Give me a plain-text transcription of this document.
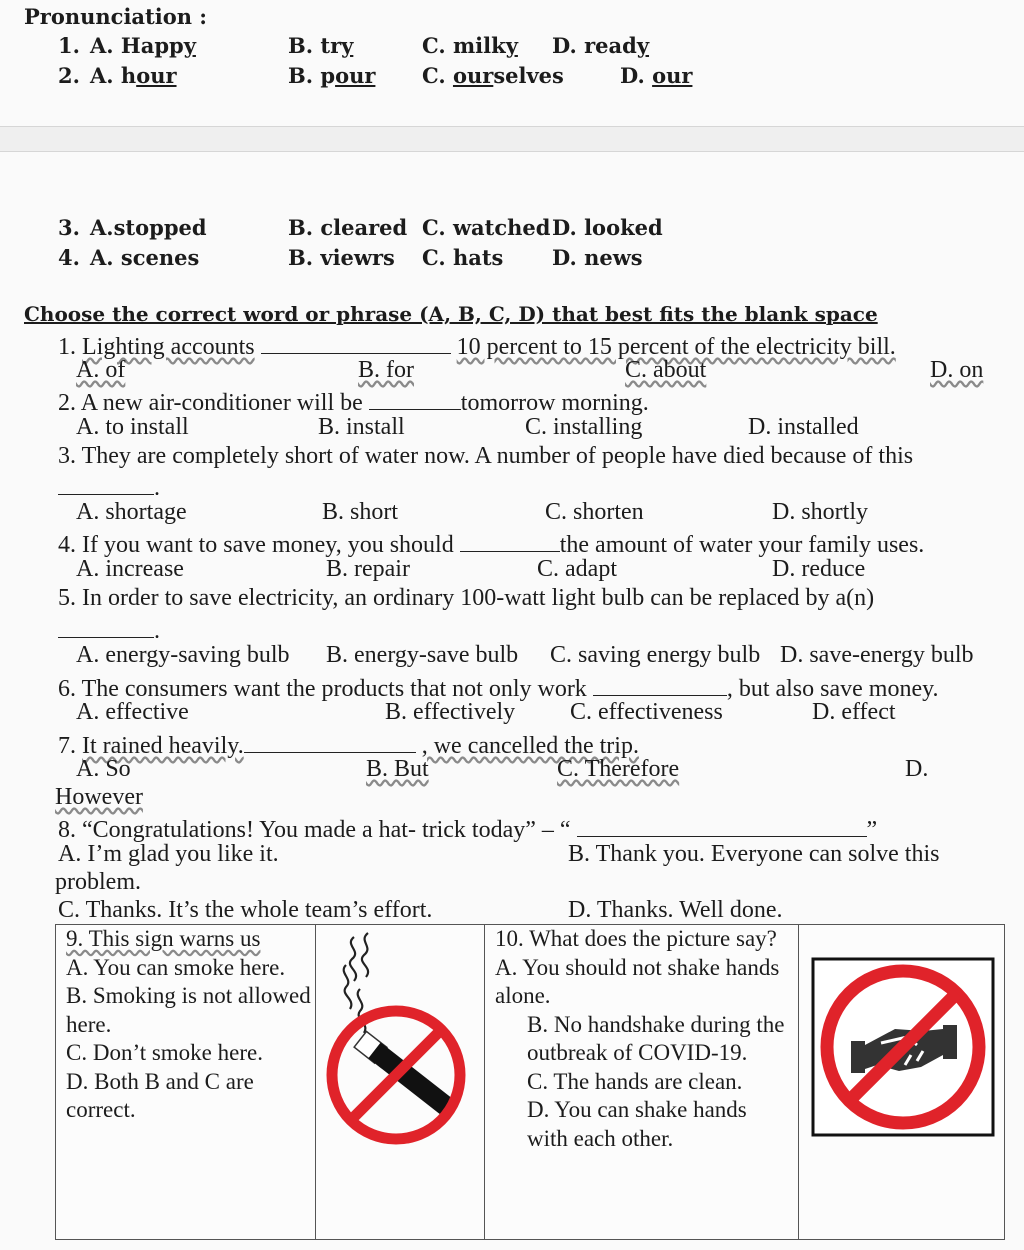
Pronunciation :
1. A. Happy	B. try	C. milky D. ready
2. A. hour	B. pour C. ourselves	D. our
3. A.stopped	B. cleared C. watched D. looked
4. A. scenes	B. viewrs C. hats D. news
Choose the correct word or phrase (A, B, C, D) that best fits the blank space
1. Lighting accounts	10 percent to 15 percent of the electricity bill.
A. of	B. for	C. about	D. on
2. A new air-conditioner will be	tomorrow morning.
A. to install	B. install	C. installing	D. installed
3. They are completely short of water now. A number of people have died because of this
.
A. shortage	B. short	C. shorten	D. shortly
4. If you want to save money, you should	the amount of water your family uses.
A. increase	B. repair	C. adapt	D. reduce
5. In order to save electricity, an ordinary 100-watt light bulb can be replaced by a(n)
.
A. energy-saving bulb B. energy-save bulb C. saving energy bulb D. save-energy bulb
6. The consumers want the products that not only work	, but also save money.
A. effective	B. effectively C. effectiveness	D. effect
7. It rained heavily.	, we cancelled the trip.
A. So	B. But	C. Therefore	D.
However
8. “Congratulations! You made a hat- trick today” – “	”
A. I’m glad you like it.	B. Thank you. Everyone can solve this
problem.
C. Thanks. It’s the whole team’s effort.	D. Thanks. Well done.
9. This sign warns us
A. You can smoke here.
B. Smoking is not allowed here.
C. Don’t smoke here.
D. Both B and C are correct.
10. What does the picture say?
A. You should not shake hands alone.
B. No handshake during the outbreak of COVID-19.
C. The hands are clean.
D. You can shake hands with each other.
